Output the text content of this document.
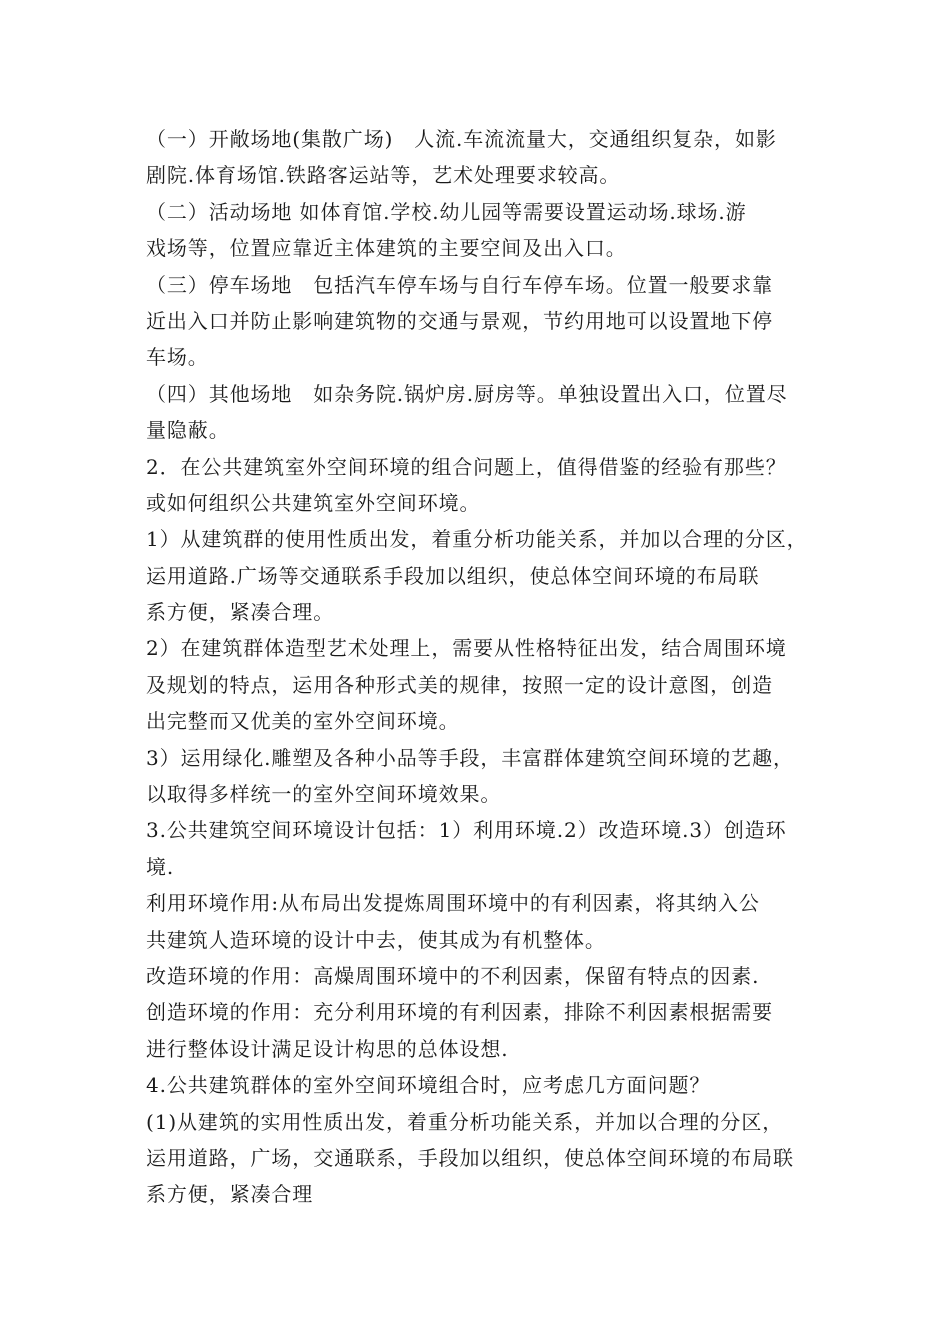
（一）开敞场地(集散广场)　人流.车流流量大，交通组织复杂，如影
剧院.体育场馆.铁路客运站等，艺术处理要求较高。
（二）活动场地 如体育馆.学校.幼儿园等需要设置运动场.球场.游
戏场等，位置应靠近主体建筑的主要空间及出入口。
（三）停车场地　包括汽车停车场与自行车停车场。位置一般要求靠
近出入口并防止影响建筑物的交通与景观，节约用地可以设置地下停
车场。
（四）其他场地　如杂务院.锅炉房.厨房等。单独设置出入口，位置尽
量隐蔽。
2．在公共建筑室外空间环境的组合问题上，值得借鉴的经验有那些？
或如何组织公共建筑室外空间环境。
1）从建筑群的使用性质出发，着重分析功能关系，并加以合理的分区，
运用道路.广场等交通联系手段加以组织，使总体空间环境的布局联
系方便，紧凑合理。
2）在建筑群体造型艺术处理上，需要从性格特征出发，结合周围环境
及规划的特点，运用各种形式美的规律，按照一定的设计意图，创造
出完整而又优美的室外空间环境。
3）运用绿化.雕塑及各种小品等手段，丰富群体建筑空间环境的艺趣，
以取得多样统一的室外空间环境效果。
3.公共建筑空间环境设计包括：1）利用环境.2）改造环境.3）创造环
境.
利用环境作用:从布局出发提炼周围环境中的有利因素，将其纳入公
共建筑人造环境的设计中去，使其成为有机整体。
改造环境的作用：高燥周围环境中的不利因素，保留有特点的因素.
创造环境的作用：充分利用环境的有利因素，排除不利因素根据需要
进行整体设计满足设计构思的总体设想.
4.公共建筑群体的室外空间环境组合时，应考虑几方面问题？
(1)从建筑的实用性质出发，着重分析功能关系，并加以合理的分区，
运用道路，广场，交通联系，手段加以组织，使总体空间环境的布局联
系方便，紧凑合理
